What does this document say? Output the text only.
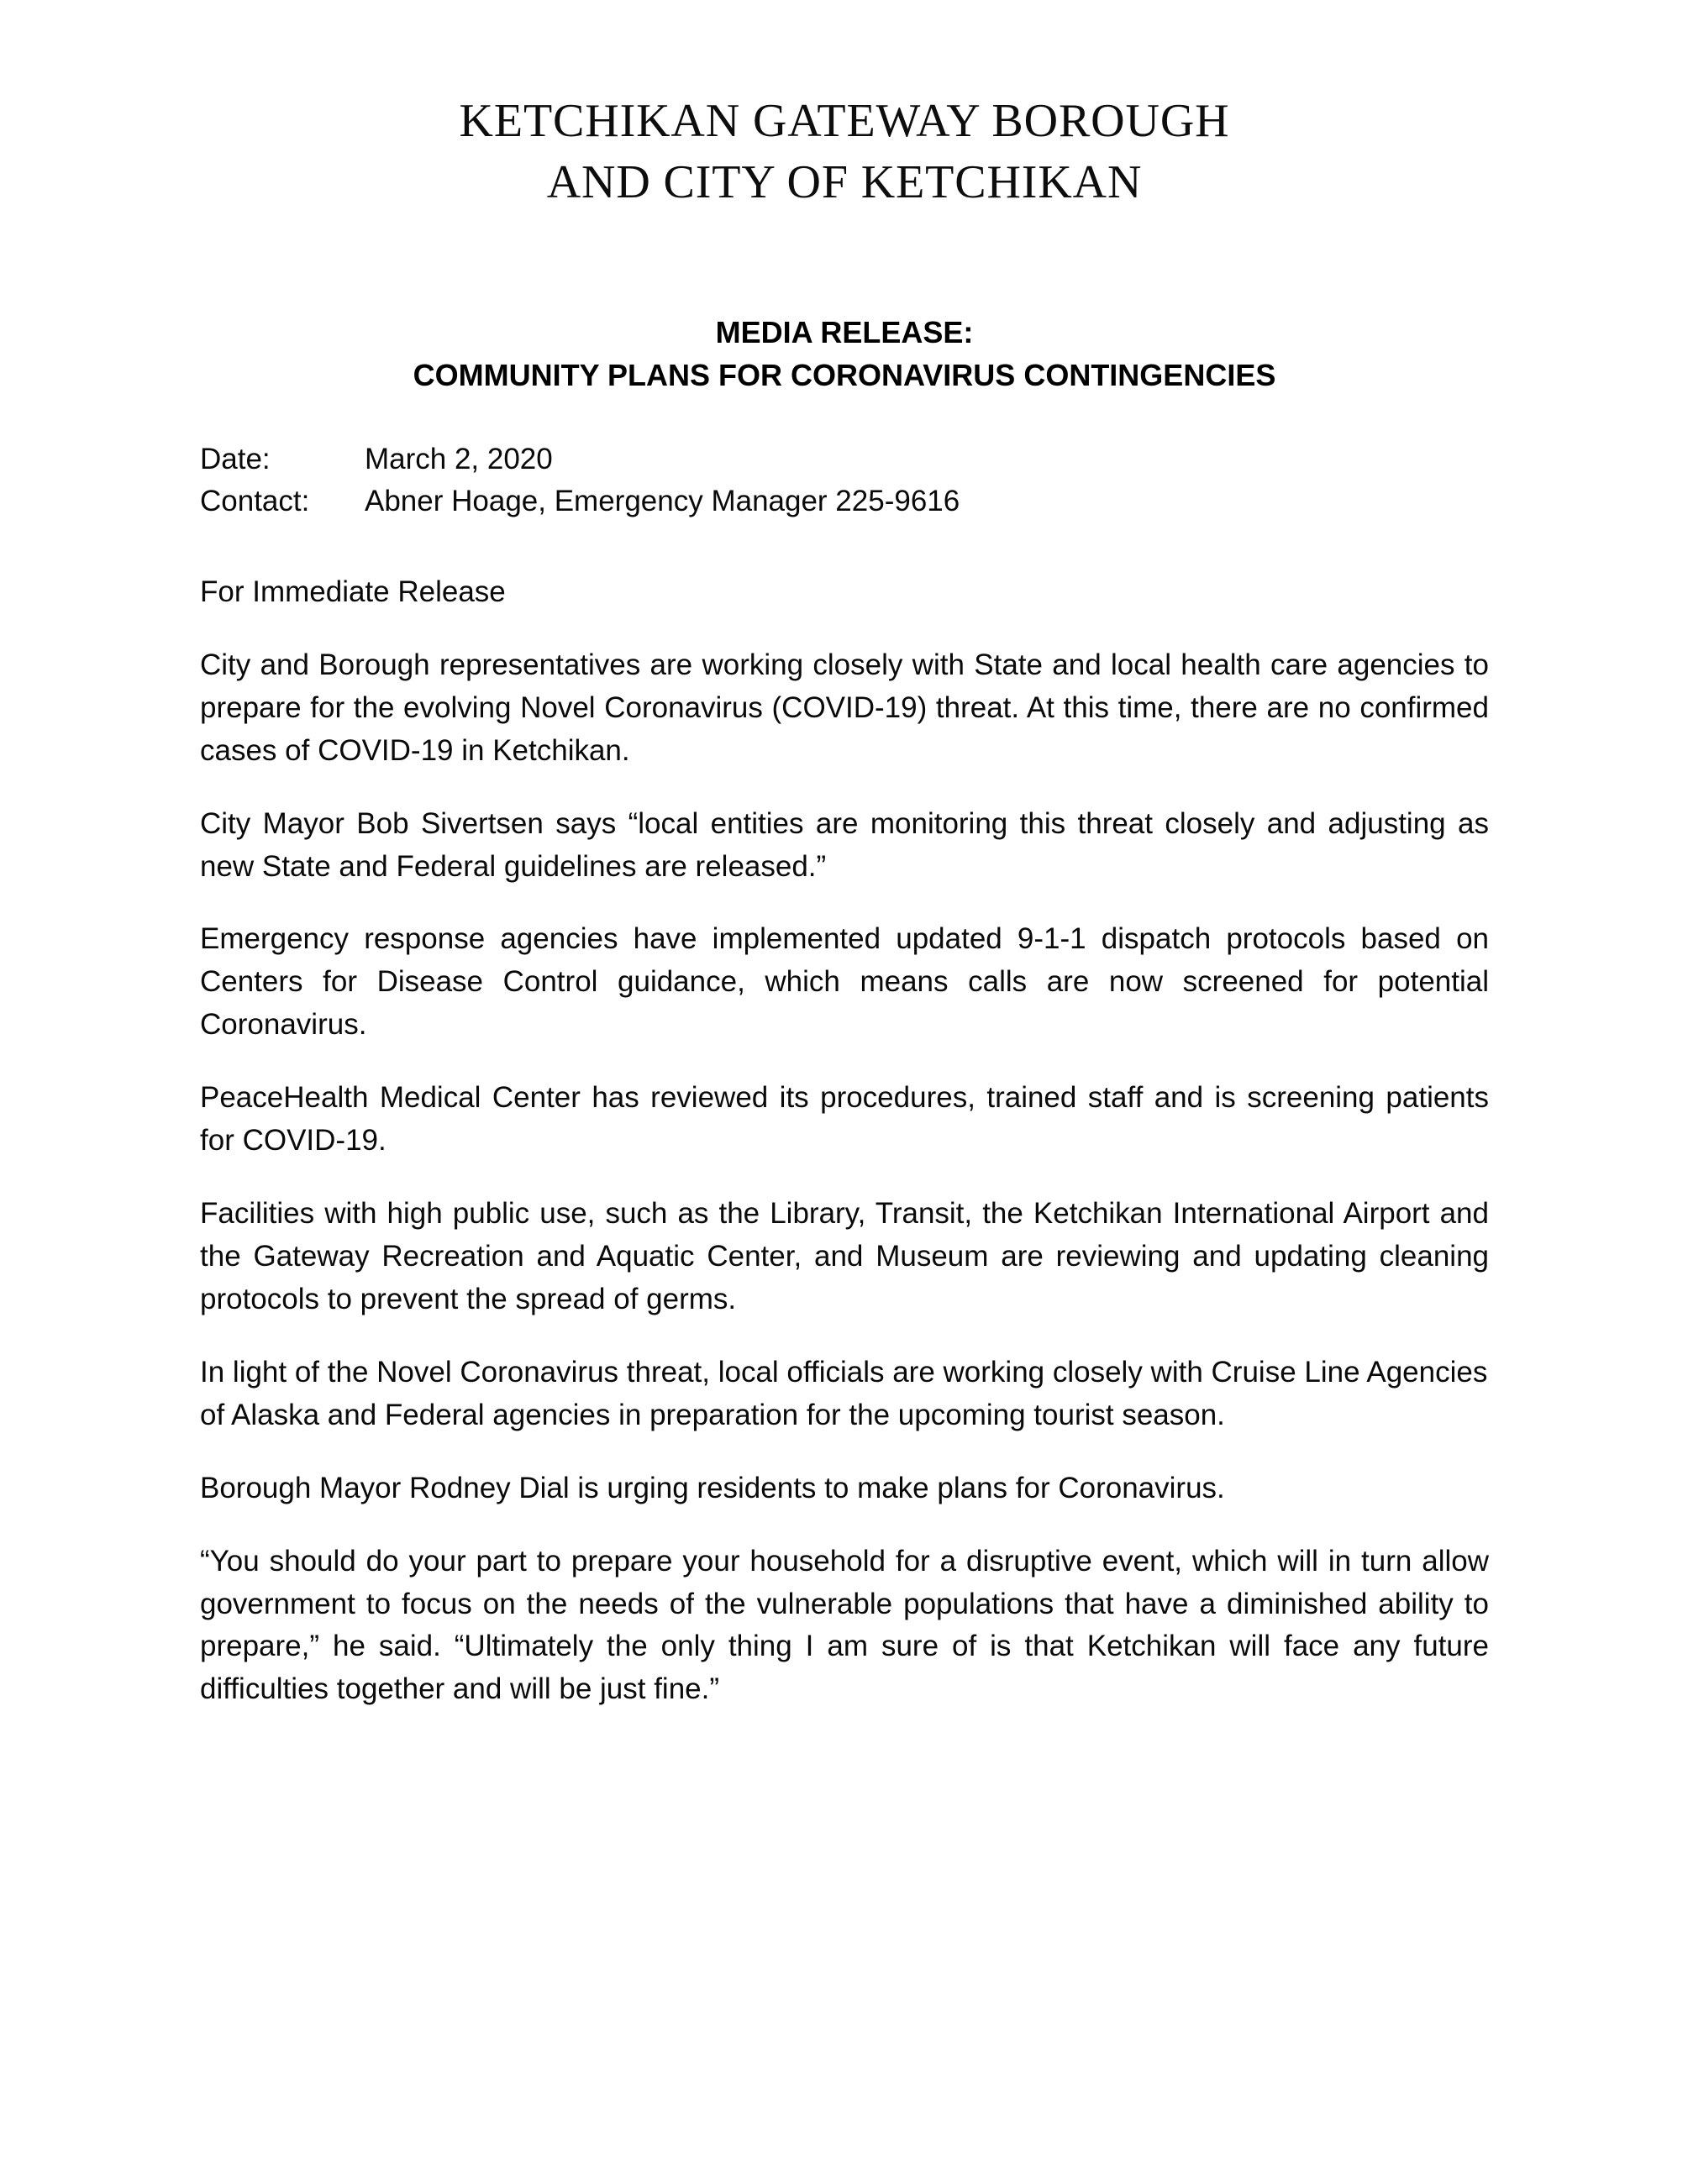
KETCHIKAN GATEWAY BOROUGH
AND CITY OF KETCHIKAN
MEDIA RELEASE:
COMMUNITY PLANS FOR CORONAVIRUS CONTINGENCIES
Date:	March 2, 2020
Contact:	Abner Hoage, Emergency Manager 225-9616

For Immediate Release

City and Borough representatives are working closely with State and local health care agencies to prepare for the evolving Novel Coronavirus (COVID-19) threat. At this time, there are no confirmed cases of COVID-19 in Ketchikan.

City Mayor Bob Sivertsen says “local entities are monitoring this threat closely and adjusting as new State and Federal guidelines are released.”

Emergency response agencies have implemented updated 9-1-1 dispatch protocols based on Centers for Disease Control guidance, which means calls are now screened for potential Coronavirus.

PeaceHealth Medical Center has reviewed its procedures, trained staff and is screening patients for COVID-19.

Facilities with high public use, such as the Library, Transit, the Ketchikan International Airport and the Gateway Recreation and Aquatic Center, and Museum are reviewing and updating cleaning protocols to prevent the spread of germs.

In light of the Novel Coronavirus threat, local officials are working closely with Cruise Line Agencies of Alaska and Federal agencies in preparation for the upcoming tourist season.

Borough Mayor Rodney Dial is urging residents to make plans for Coronavirus.

“You should do your part to prepare your household for a disruptive event, which will in turn allow government to focus on the needs of the vulnerable populations that have a diminished ability to prepare,” he said. “Ultimately the only thing I am sure of is that Ketchikan will face any future difficulties together and will be just fine.”
